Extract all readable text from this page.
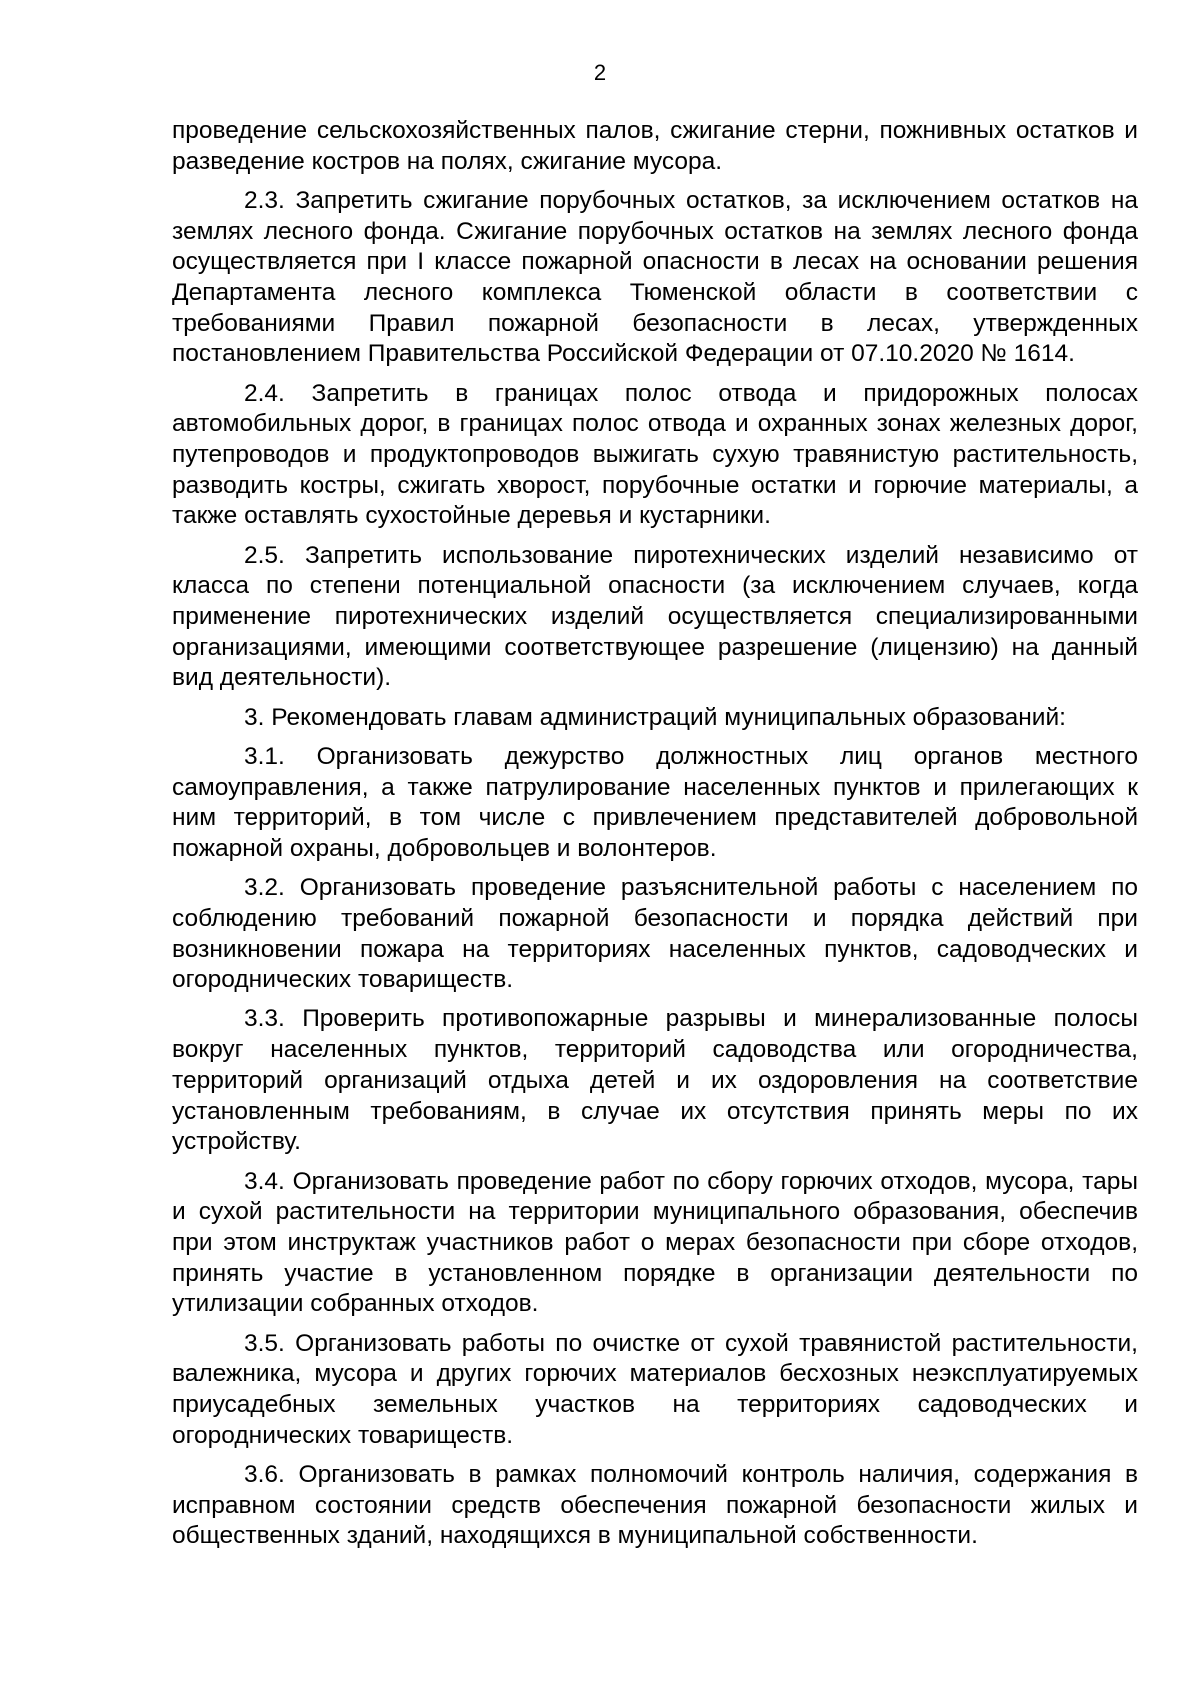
2

проведение сельскохозяйственных палов, сжигание стерни, пожнивных остатков и разведение костров на полях, сжигание мусора.

2.3. Запретить сжигание порубочных остатков, за исключением остатков на землях лесного фонда. Сжигание порубочных остатков на землях лесного фонда осуществляется при I классе пожарной опасности в лесах на основании решения Департамента лесного комплекса Тюменской области в соответствии с требованиями Правил пожарной безопасности в лесах, утвержденных постановлением Правительства Российской Федерации от 07.10.2020 № 1614.

2.4. Запретить в границах полос отвода и придорожных полосах автомобильных дорог, в границах полос отвода и охранных зонах железных дорог, путепроводов и продуктопроводов выжигать сухую травянистую растительность, разводить костры, сжигать хворост, порубочные остатки и горючие материалы, а также оставлять сухостойные деревья и кустарники.

2.5. Запретить использование пиротехнических изделий независимо от класса по степени потенциальной опасности (за исключением случаев, когда применение пиротехнических изделий осуществляется специализированными организациями, имеющими соответствующее разрешение (лицензию) на данный вид деятельности).

3. Рекомендовать главам администраций муниципальных образований:

3.1. Организовать дежурство должностных лиц органов местного самоуправления, а также патрулирование населенных пунктов и прилегающих к ним территорий, в том числе с привлечением представителей добровольной пожарной охраны, добровольцев и волонтеров.

3.2. Организовать проведение разъяснительной работы с населением по соблюдению требований пожарной безопасности и порядка действий при возникновении пожара на территориях населенных пунктов, садоводческих и огороднических товариществ.

3.3. Проверить противопожарные разрывы и минерализованные полосы вокруг населенных пунктов, территорий садоводства или огородничества, территорий организаций отдыха детей и их оздоровления на соответствие установленным требованиям, в случае их отсутствия принять меры по их устройству.

3.4. Организовать проведение работ по сбору горючих отходов, мусора, тары и сухой растительности на территории муниципального образования, обеспечив при этом инструктаж участников работ о мерах безопасности при сборе отходов, принять участие в установленном порядке в организации деятельности по утилизации собранных отходов.

3.5. Организовать работы по очистке от сухой травянистой растительности, валежника, мусора и других горючих материалов бесхозных неэксплуатируемых приусадебных земельных участков на территориях садоводческих и огороднических товариществ.

3.6. Организовать в рамках полномочий контроль наличия, содержания в исправном состоянии средств обеспечения пожарной безопасности жилых и общественных зданий, находящихся в муниципальной собственности.
